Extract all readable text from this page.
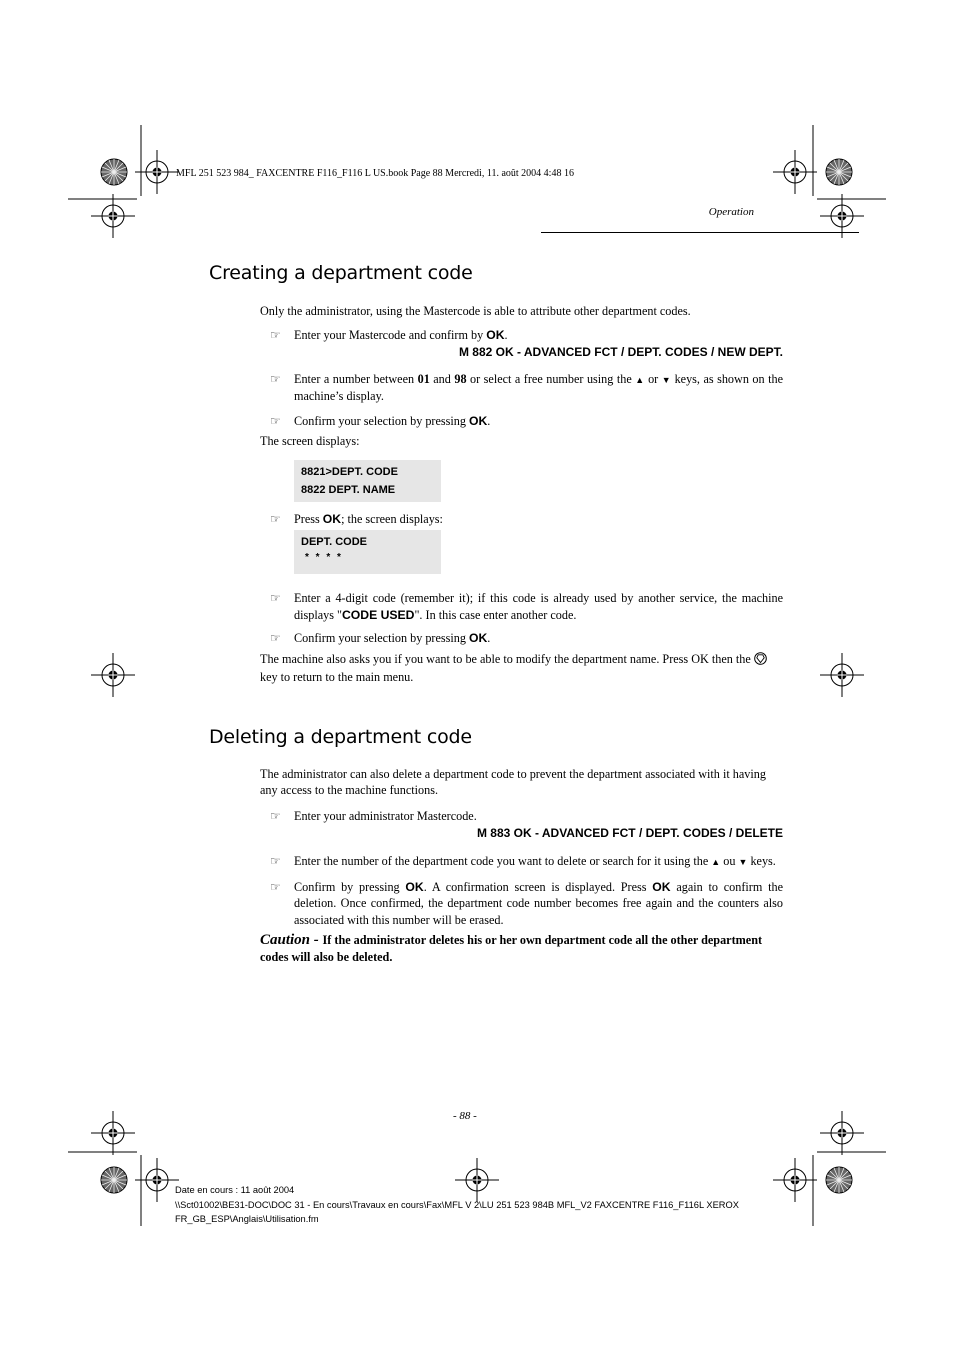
MFL 251 523 984_ FAXCENTRE F116_F116 L US.book Page 88 Mercredi, 11. août 2004 4:48 16
Operation
Creating a department code

Only the administrator, using the Mastercode is able to attribute other department codes.

☞ Enter your Mastercode and confirm by OK.
M 882 OK - ADVANCED FCT / DEPT. CODES / NEW DEPT.
☞ Enter a number between 01 and 98 or select a free number using the ▲ or ▼ keys, as shown on the machine’s display.
☞ Confirm your selection by pressing OK.

The screen displays:

8821>DEPT. CODE
8822 DEPT. NAME
☞ Press OK; the screen displays:
DEPT. CODE
* * * *
☞ Enter a 4-digit code (remember it); if this code is already used by another service, the machine displays "CODE USED". In this case enter another code.
☞ Confirm your selection by pressing OK.

The machine also asks you if you want to be able to modify the department name. Press OK then the  key to return to the main menu.

Deleting a department code

The administrator can also delete a department code to prevent the department associated with it having any access to the machine functions.

☞ Enter your administrator Mastercode.
M 883 OK - ADVANCED FCT / DEPT. CODES / DELETE
☞ Enter the number of the department code you want to delete or search for it using the ▲ ou ▼ keys.
☞ Confirm by pressing OK. A confirmation screen is displayed. Press OK again to confirm the deletion. Once confirmed, the department code number becomes free again and the counters also associated with this number will be erased.

Caution - If the administrator deletes his or her own department code all the other department codes will also be deleted.

- 88 -
Date en cours : 11 août 2004
\\Sct01002\BE31-DOC\DOC 31 - En cours\Travaux en cours\Fax\MFL V 2\LU 251 523 984B MFL_V2 FAXCENTRE F116_F116L XEROX
FR_GB_ESP\Anglais\Utilisation.fm
